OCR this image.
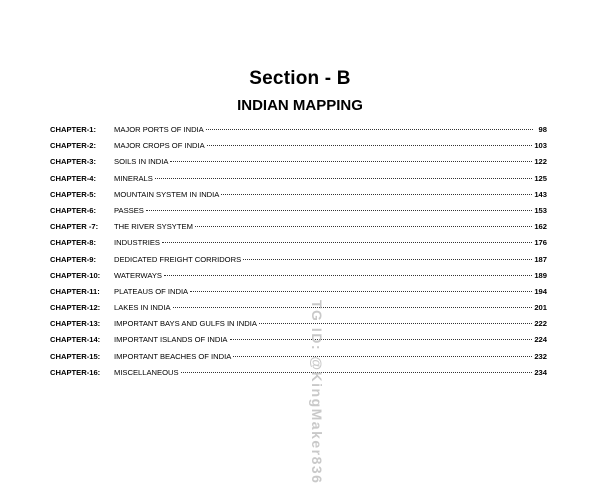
Section - B
INDIAN MAPPING
CHAPTER-1:	MAJOR PORTS OF INDIA	98
CHAPTER-2:	MAJOR CROPS OF INDIA	103
CHAPTER-3:	SOILS IN INDIA	122
CHAPTER-4:	MINERALS	125
CHAPTER-5:	MOUNTAIN SYSTEM IN INDIA	143
CHAPTER-6:	PASSES	153
CHAPTER -7:	THE RIVER SYSYTEM	162
CHAPTER-8:	INDUSTRIES	176
CHAPTER-9:	DEDICATED FREIGHT CORRIDORS	187
CHAPTER-10:	WATERWAYS	189
CHAPTER-11:	PLATEAUS OF INDIA	194
CHAPTER-12:	LAKES IN INDIA	201
CHAPTER-13:	IMPORTANT BAYS AND GULFS IN INDIA	222
CHAPTER-14:	IMPORTANT ISLANDS OF INDIA	224
CHAPTER-15:	IMPORTANT BEACHES OF INDIA	232
CHAPTER-16:	MISCELLANEOUS	234
TG ID: @KingMaker836
